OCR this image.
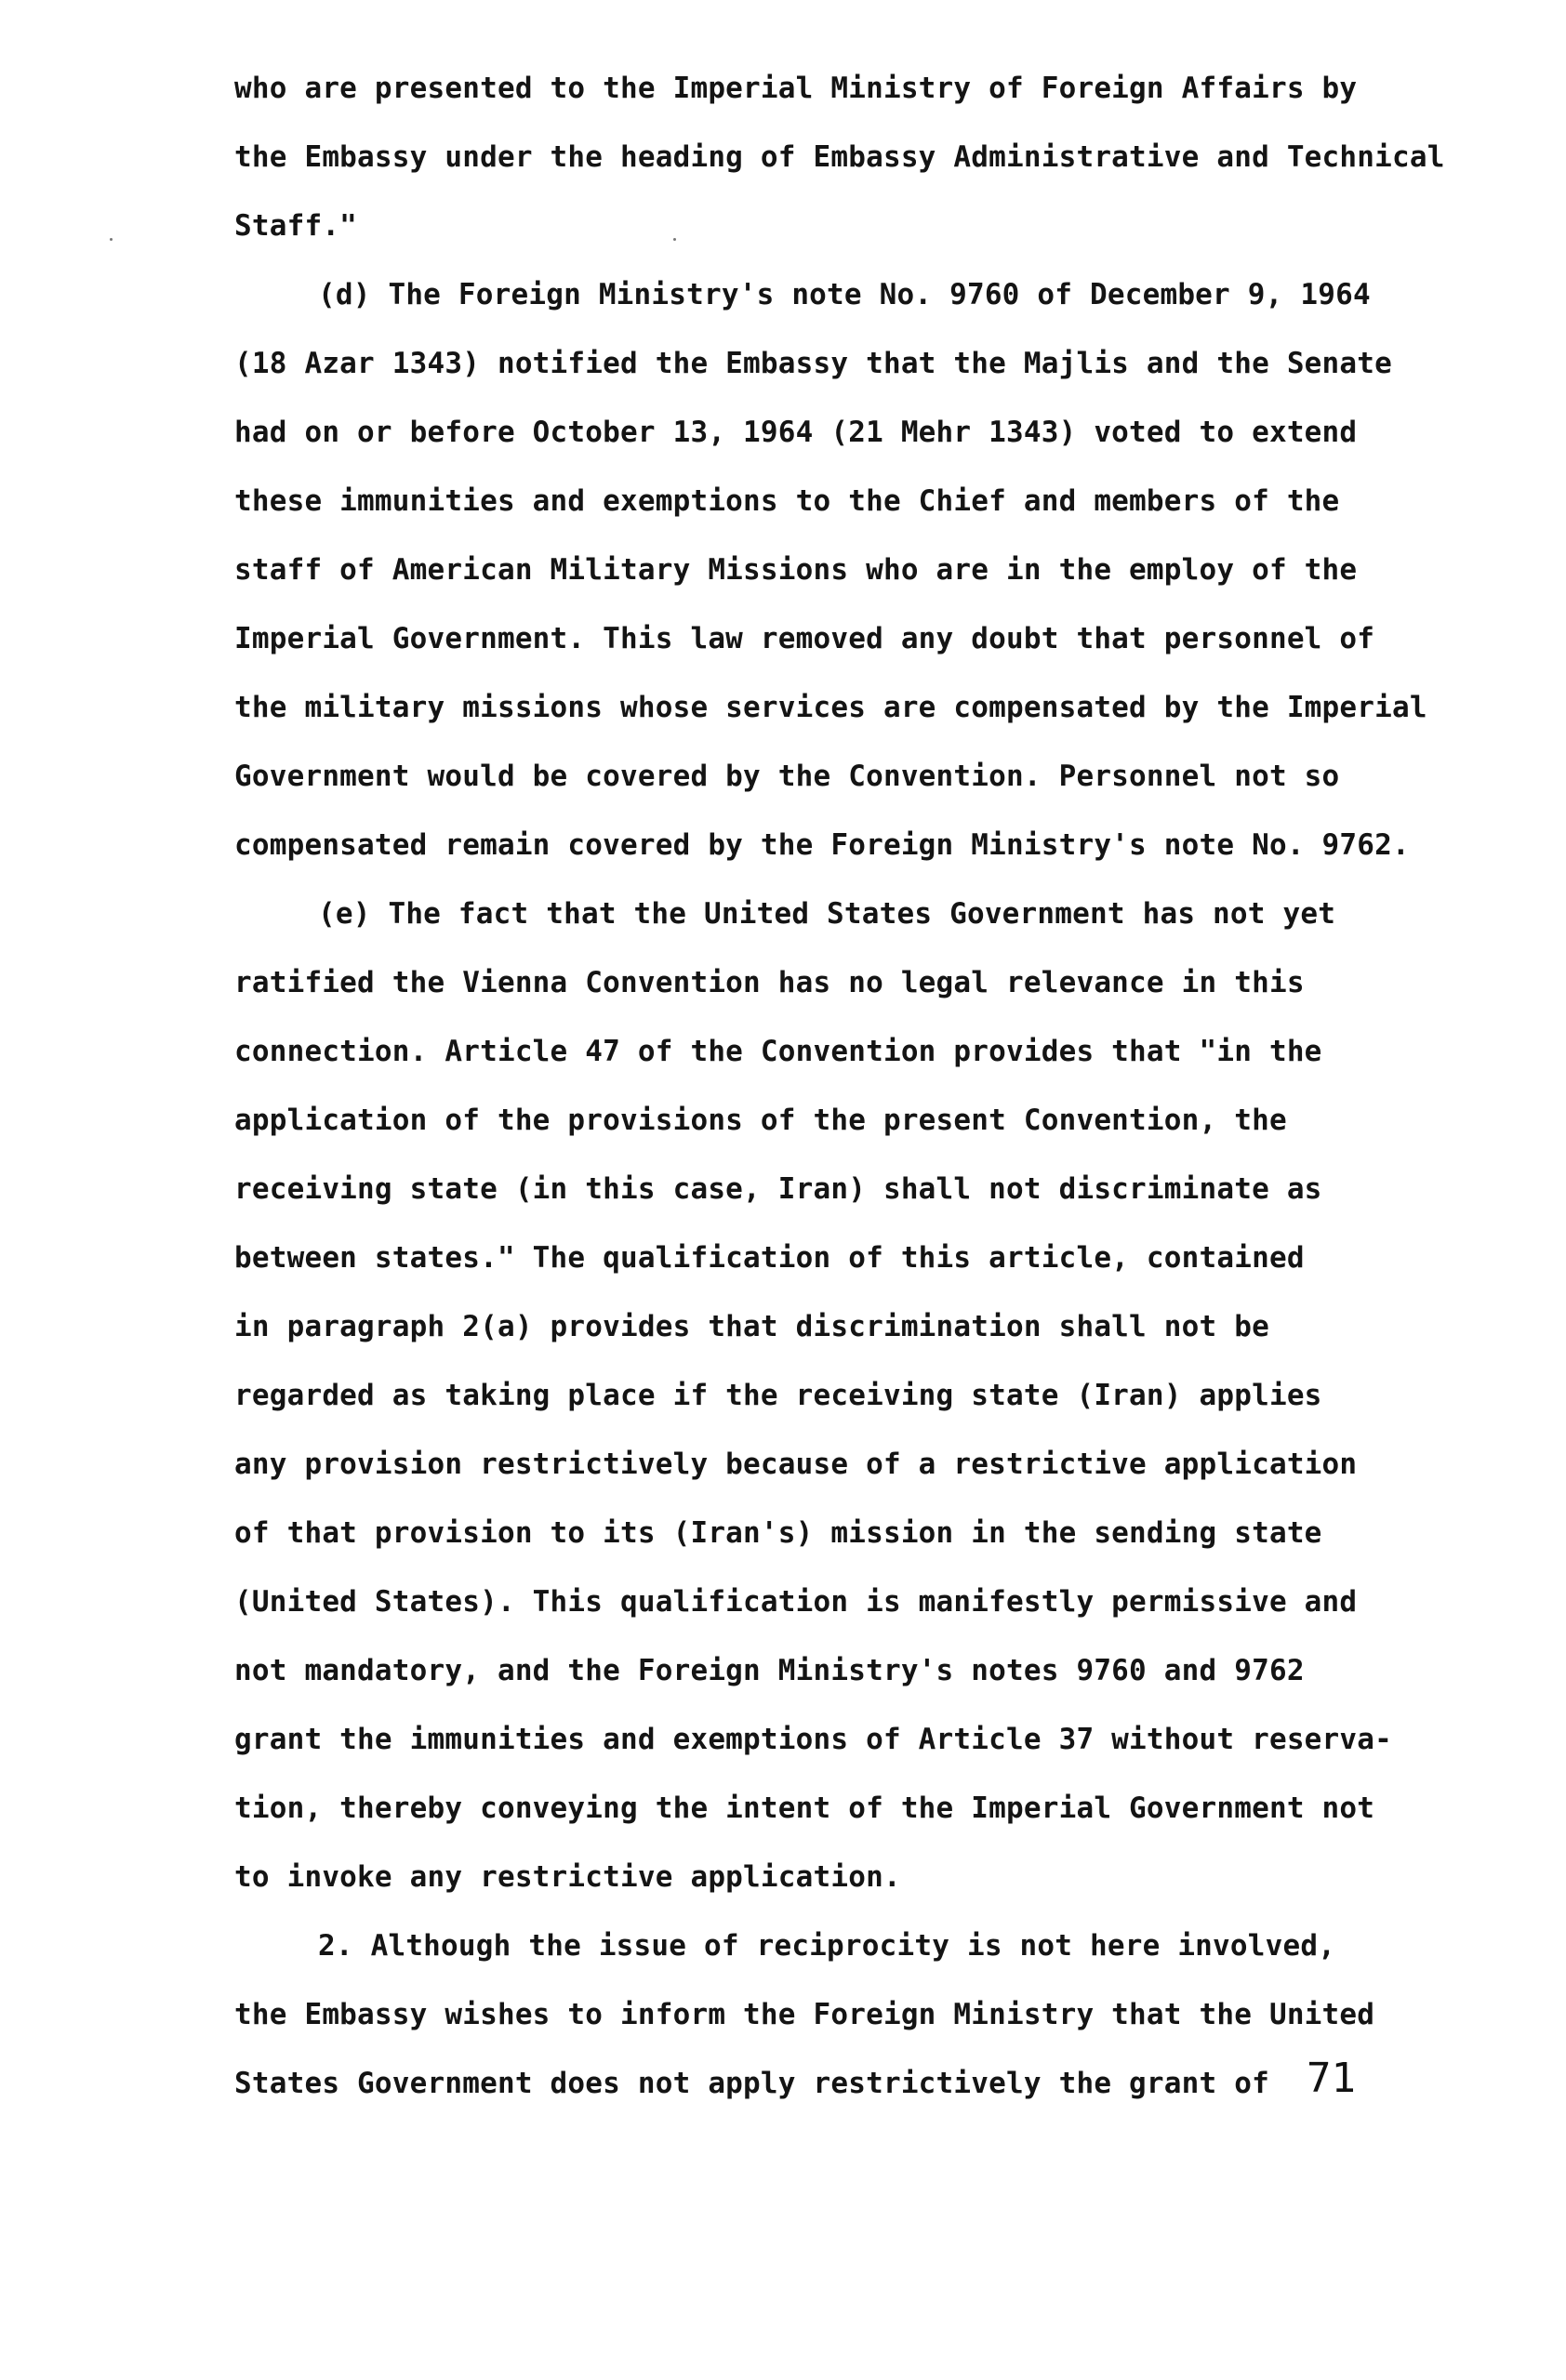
who are presented to the Imperial Ministry of Foreign Affairs by
the Embassy under the heading of Embassy Administrative and Technical
Staff."
(d) The Foreign Ministry's note No. 9760 of December 9, 1964
(18 Azar 1343) notified the Embassy that the Majlis and the Senate
had on or before October 13, 1964 (21 Mehr 1343) voted to extend
these immunities and exemptions to the Chief and members of the
staff of American Military Missions who are in the employ of the
Imperial Government. This law removed any doubt that personnel of
the military missions whose services are compensated by the Imperial
Government would be covered by the Convention. Personnel not so
compensated remain covered by the Foreign Ministry's note No. 9762.
(e) The fact that the United States Government has not yet
ratified the Vienna Convention has no legal relevance in this
connection. Article 47 of the Convention provides that "in the
application of the provisions of the present Convention, the
receiving state (in this case, Iran) shall not discriminate as
between states." The qualification of this article, contained
in paragraph 2(a) provides that discrimination shall not be
regarded as taking place if the receiving state (Iran) applies
any provision restrictively because of a restrictive application
of that provision to its (Iran's) mission in the sending state
(United States). This qualification is manifestly permissive and
not mandatory, and the Foreign Ministry's notes 9760 and 9762
grant the immunities and exemptions of Article 37 without reserva-
tion, thereby conveying the intent of the Imperial Government not
to invoke any restrictive application.
2. Although the issue of reciprocity is not here involved,
the Embassy wishes to inform the Foreign Ministry that the United
States Government does not apply restrictively the grant of 71
